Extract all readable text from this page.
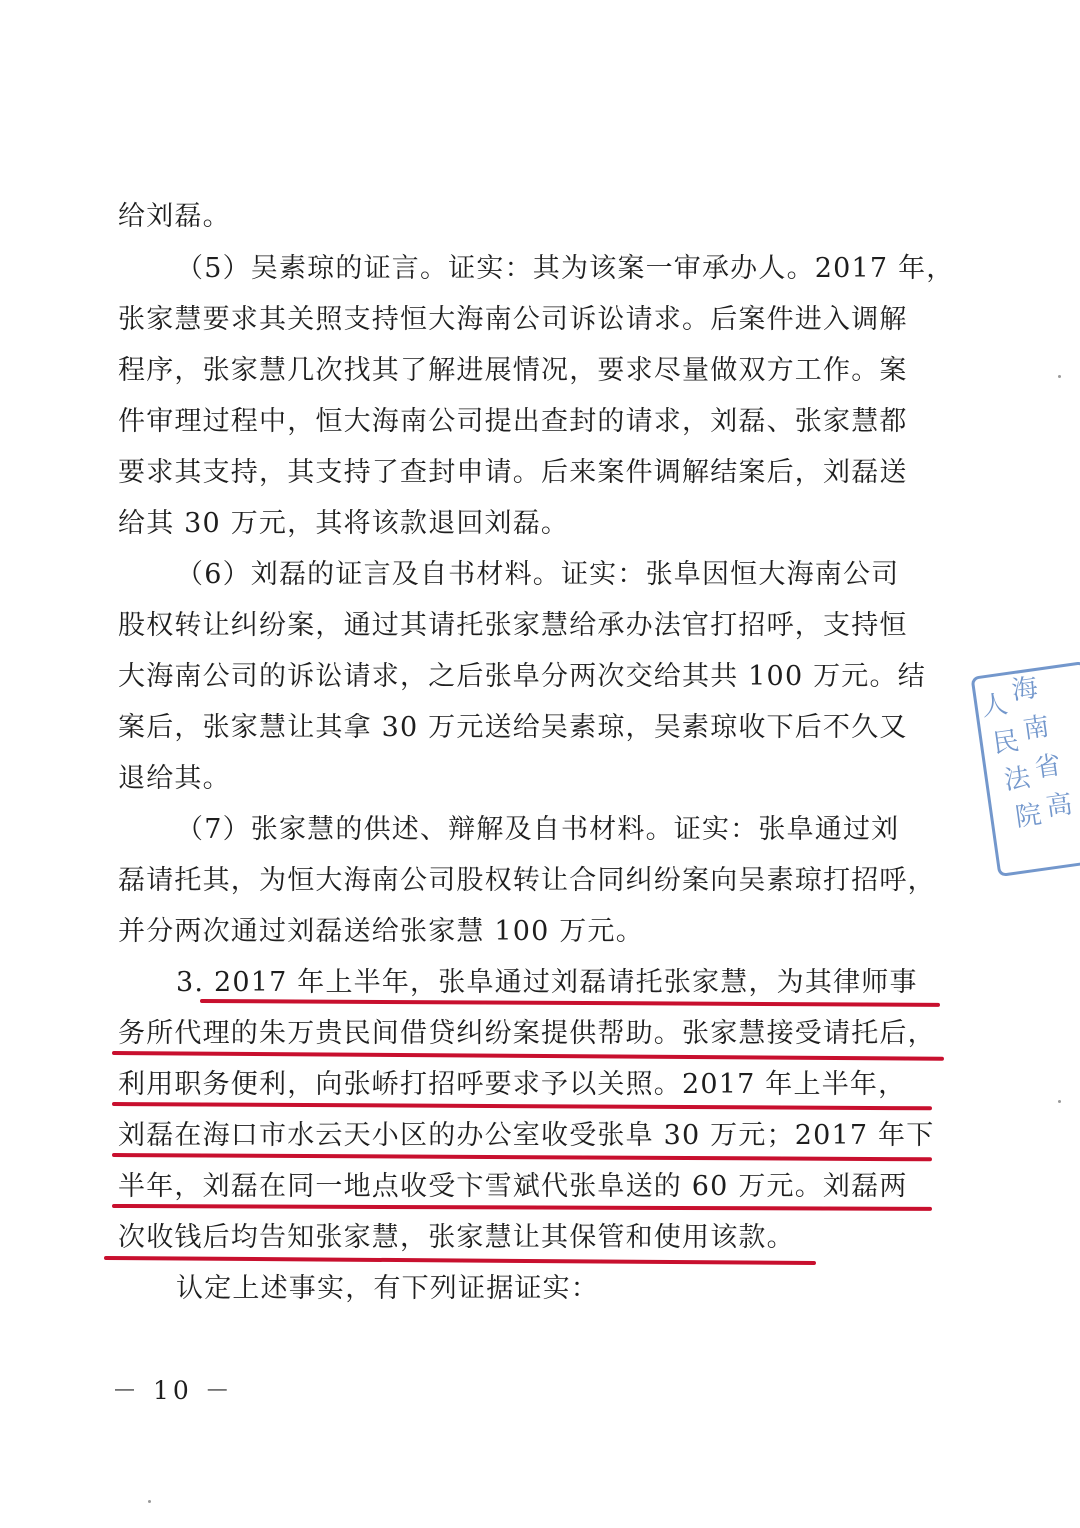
给刘磊。
（5）吴素琼的证言。证实：其为该案一审承办人。2017 年，
张家慧要求其关照支持恒大海南公司诉讼请求。后案件进入调解
程序，张家慧几次找其了解进展情况，要求尽量做双方工作。案
件审理过程中，恒大海南公司提出查封的请求，刘磊、张家慧都
要求其支持，其支持了查封申请。后来案件调解结案后，刘磊送
给其 30 万元，其将该款退回刘磊。
（6）刘磊的证言及自书材料。证实：张阜因恒大海南公司
股权转让纠纷案，通过其请托张家慧给承办法官打招呼，支持恒
大海南公司的诉讼请求，之后张阜分两次交给其共 100 万元。结
案后，张家慧让其拿 30 万元送给吴素琼，吴素琼收下后不久又
退给其。
（7）张家慧的供述、辩解及自书材料。证实：张阜通过刘
磊请托其，为恒大海南公司股权转让合同纠纷案向吴素琼打招呼，
并分两次通过刘磊送给张家慧 100 万元。
3. 2017 年上半年，张阜通过刘磊请托张家慧，为其律师事
务所代理的朱万贵民间借贷纠纷案提供帮助。张家慧接受请托后，
利用职务便利，向张峤打招呼要求予以关照。2017 年上半年，
刘磊在海口市水云天小区的办公室收受张阜 30 万元；2017 年下
半年，刘磊在同一地点收受卞雪斌代张阜送的 60 万元。刘磊两
次收钱后均告知张家慧，张家慧让其保管和使用该款。
认定上述事实，有下列证据证实：
－ 10 －
人 海
民 南
法 省
院 高
